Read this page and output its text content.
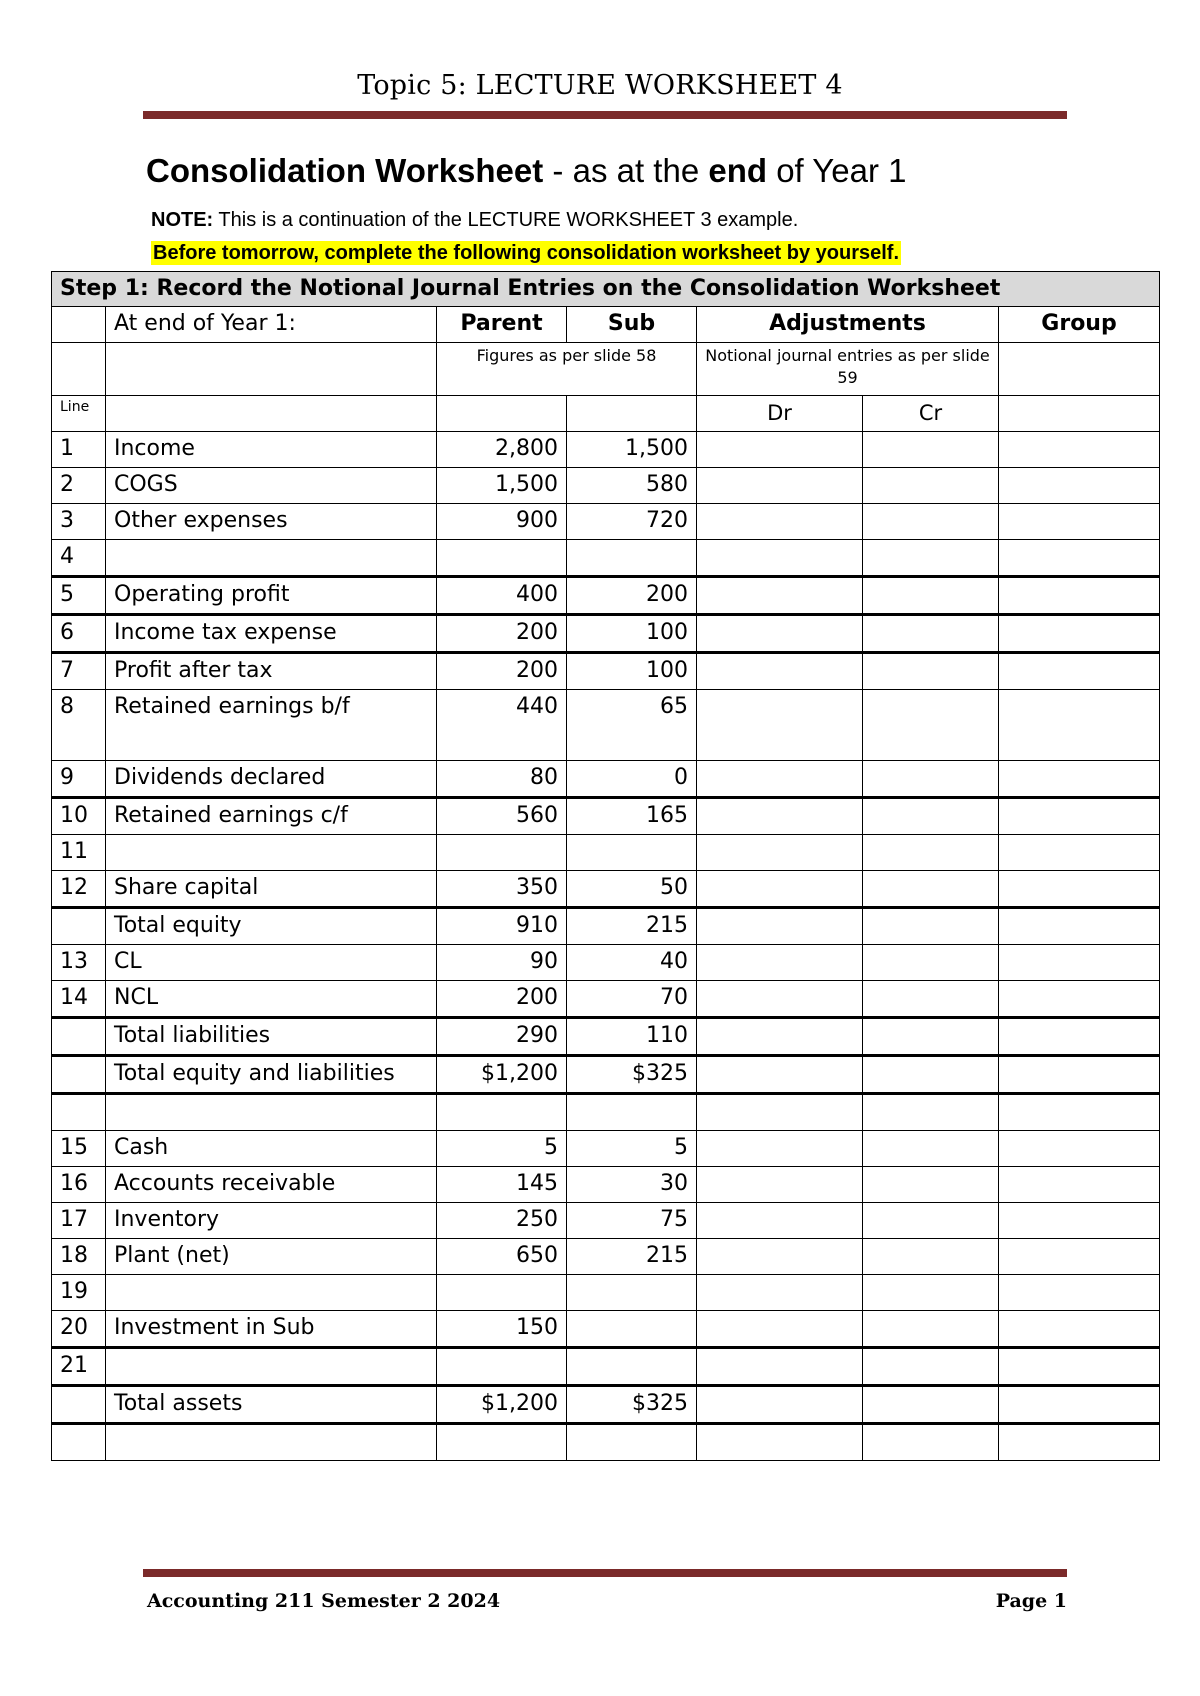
Topic 5: LECTURE WORKSHEET 4
Consolidation Worksheet - as at the end of Year 1
NOTE: This is a continuation of the LECTURE WORKSHEET 3 example.
Before tomorrow, complete the following consolidation worksheet by yourself.
Step 1: Record the Notional Journal Entries on the Consolidation Worksheet						
	At end of Year 1:	Parent	Sub	Adjustments		Group
		Figures as per slide 58		Notional journal entries as per slide 59		
Line				Dr	Cr	
1	Income	2,800	1,500			
2	COGS	1,500	580			
3	Other expenses	900	720			
4						
5	Operating profit	400	200			
6	Income tax expense	200	100			
7	Profit after tax	200	100			
8	Retained earnings b/f	440	65			
9	Dividends declared	80	0			
10	Retained earnings c/f	560	165			
11						
12	Share capital	350	50			
	Total equity	910	215			
13	CL	90	40			
14	NCL	200	70			
	Total liabilities	290	110			
	Total equity and liabilities	$1,200	$325			

15	Cash	5	5			
16	Accounts receivable	145	30			
17	Inventory	250	75			
18	Plant (net)	650	215			
19						
20	Investment in Sub	150				
21						
	Total assets	$1,200	$325			

Accounting 211 Semester 2 2024	Page 1
